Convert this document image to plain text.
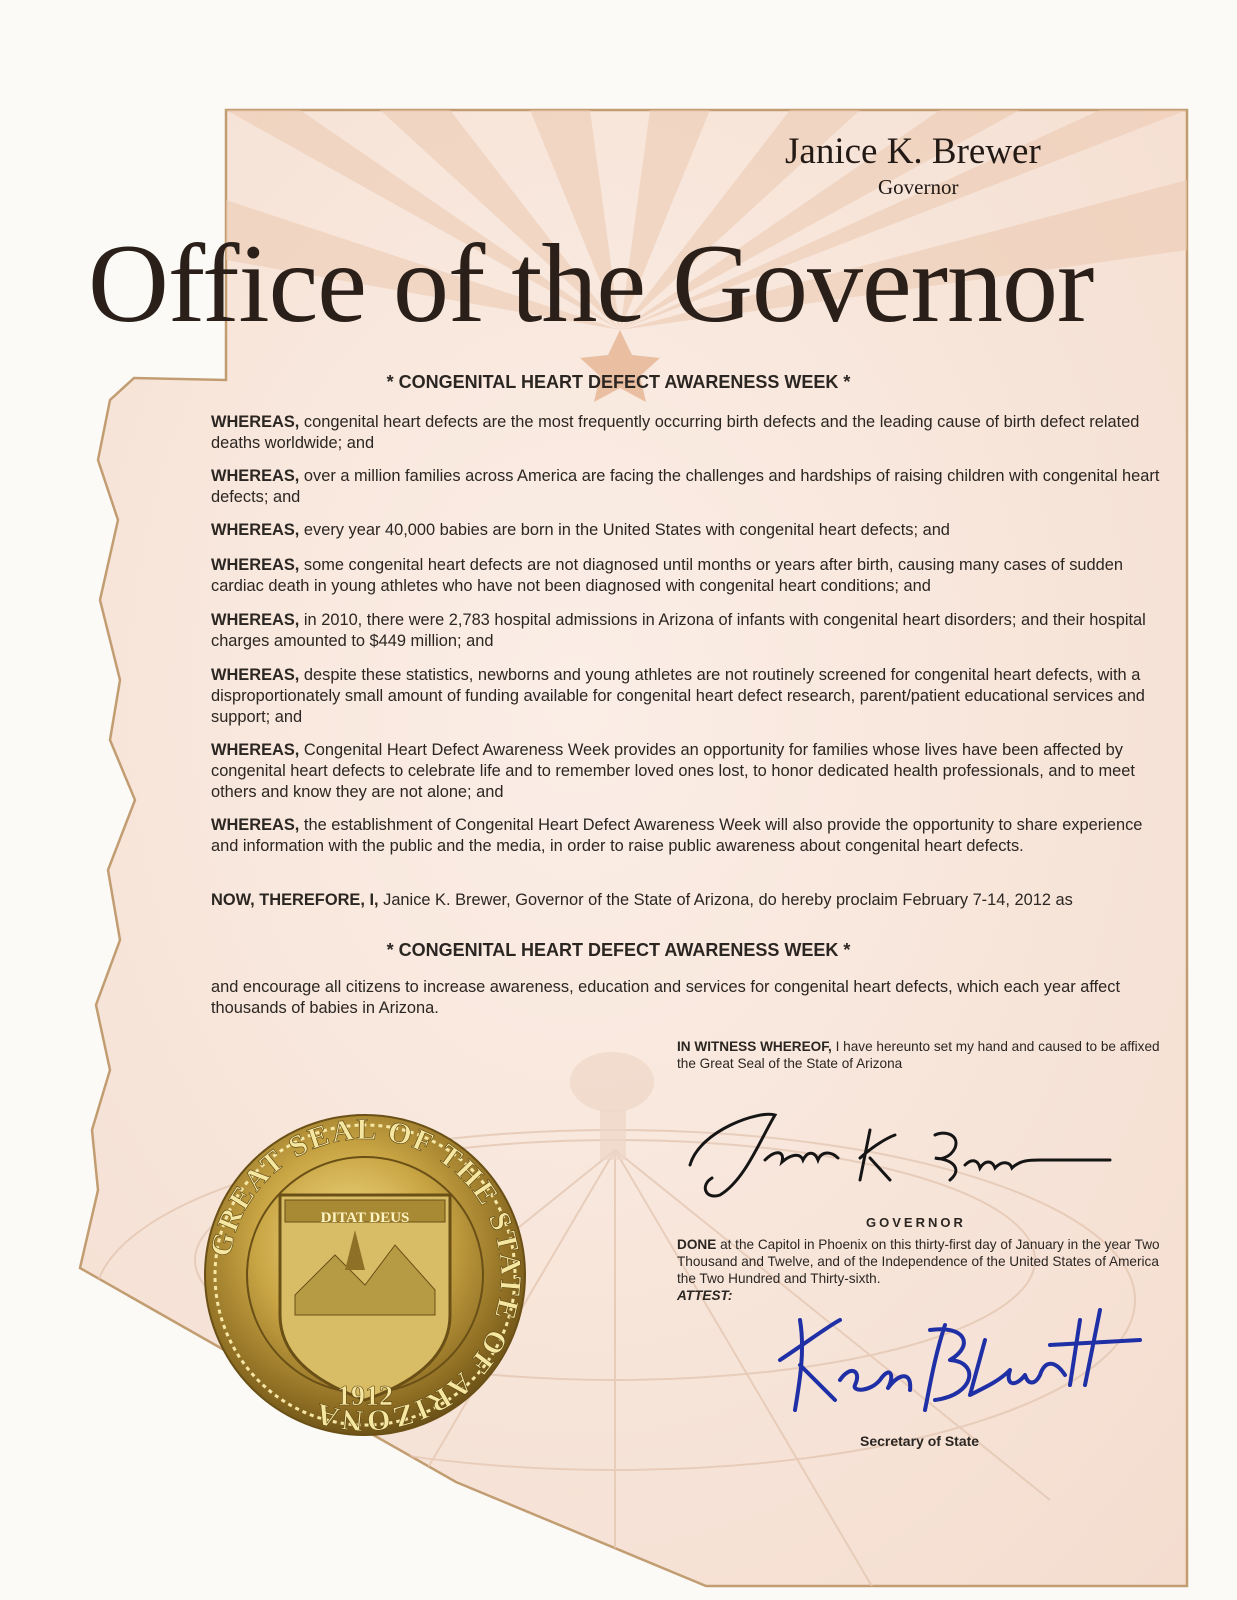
GREAT SEAL OF THE STATE OF ARIZONA
DITAT DEUS
1912
Janice K. Brewer
Governor
Office of the Governor
* CONGENITAL HEART DEFECT AWARENESS WEEK *

WHEREAS, congenital heart defects are the most frequently occurring birth defects and the leading cause of birth defect related deaths worldwide; and

WHEREAS, over a million families across America are facing the challenges and hardships of raising children with congenital heart defects; and

WHEREAS, every year 40,000 babies are born in the United States with congenital heart defects; and

WHEREAS, some congenital heart defects are not diagnosed until months or years after birth, causing many cases of sudden cardiac death in young athletes who have not been diagnosed with congenital heart conditions; and

WHEREAS, in 2010, there were 2,783 hospital admissions in Arizona of infants with congenital heart disorders; and their hospital charges amounted to $449 million; and

WHEREAS, despite these statistics, newborns and young athletes are not routinely screened for congenital heart defects, with a disproportionately small amount of funding available for congenital heart defect research, parent/patient educational services and support; and

WHEREAS, Congenital Heart Defect Awareness Week provides an opportunity for families whose lives have been affected by congenital heart defects to celebrate life and to remember loved ones lost, to honor dedicated health professionals, and to meet others and know they are not alone; and

WHEREAS, the establishment of Congenital Heart Defect Awareness Week will also provide the opportunity to share experience and information with the public and the media, in order to raise public awareness about congenital heart defects.

NOW, THEREFORE, I, Janice K. Brewer, Governor of the State of Arizona, do hereby proclaim February 7-14, 2012 as

* CONGENITAL HEART DEFECT AWARENESS WEEK *

and encourage all citizens to increase awareness, education and services for congenital heart defects, which each year affect thousands of babies in Arizona.

IN WITNESS WHEREOF, I have hereunto set my hand and caused to be affixed the Great Seal of the State of Arizona

GOVERNOR

DONE at the Capitol in Phoenix on this thirty-first day of January in the year Two Thousand and Twelve, and of the Independence of the United States of America the Two Hundred and Thirty-sixth.
ATTEST:

Secretary of State
